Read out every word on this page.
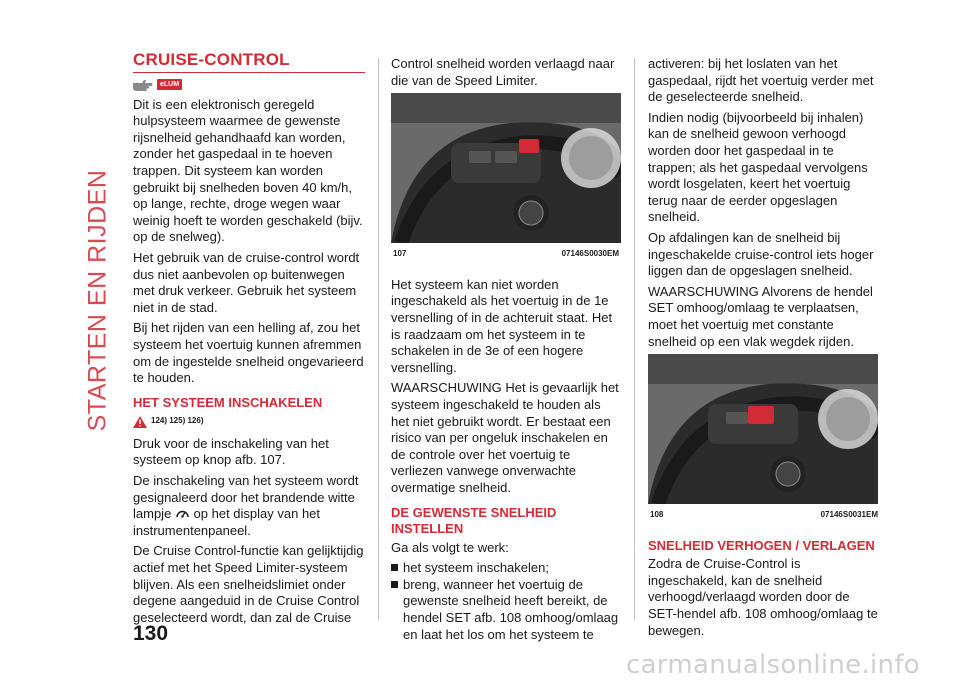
STARTEN EN RIJDEN
CRUISE-CONTROL
eLUM

Dit is een elektronisch geregeld hulpsysteem waarmee de gewenste rijsnelheid gehandhaafd kan worden, zonder het gaspedaal in te hoeven trappen. Dit systeem kan worden gebruikt bij snelheden boven 40 km/h, op lange, rechte, droge wegen waar weinig hoeft te worden geschakeld (bijv. op de snelweg).

Het gebruik van de cruise-control wordt dus niet aanbevolen op buitenwegen met druk verkeer. Gebruik het systeem niet in de stad.

Bij het rijden van een helling af, zou het systeem het voertuig kunnen afremmen om de ingestelde snelheid ongevarieerd te houden.

HET SYSTEEM INSCHAKELEN
124) 125) 126)

Druk voor de inschakeling van het systeem op knop afb. 107.

De inschakeling van het systeem wordt gesignaleerd door het brandende witte lampje op het display van het instrumentenpaneel.

De Cruise Control-functie kan gelijktijdig actief met het Speed Limiter-systeem blijven. Als een snelheidslimiet onder degene aangeduid in de Cruise Control geselecteerd wordt, dan zal de Cruise

Control snelheid worden verlaagd naar die van de Speed Limiter.

107	07146S0030EM

Het systeem kan niet worden ingeschakeld als het voertuig in de 1e versnelling of in de achteruit staat. Het is raadzaam om het systeem in te schakelen in de 3e of een hogere versnelling.

WAARSCHUWING Het is gevaarlijk het systeem ingeschakeld te houden als het niet gebruikt wordt. Er bestaat een risico van per ongeluk inschakelen en de controle over het voertuig te verliezen vanwege onverwachte overmatige snelheid.

DE GEWENSTE SNELHEID INSTELLEN

Ga als volgt te werk:

het systeem inschakelen;
breng, wanneer het voertuig de gewenste snelheid heeft bereikt, de hendel SET afb. 108 omhoog/omlaag en laat het los om het systeem te

activeren: bij het loslaten van het gaspedaal, rijdt het voertuig verder met de geselecteerde snelheid.

Indien nodig (bijvoorbeeld bij inhalen) kan de snelheid gewoon verhoogd worden door het gaspedaal in te trappen; als het gaspedaal vervolgens wordt losgelaten, keert het voertuig terug naar de eerder opgeslagen snelheid.

Op afdalingen kan de snelheid bij ingeschakelde cruise-control iets hoger liggen dan de opgeslagen snelheid.

WAARSCHUWING Alvorens de hendel SET omhoog/omlaag te verplaatsen, moet het voertuig met constante snelheid op een vlak wegdek rijden.

108	07146S0031EM
SNELHEID VERHOGEN / VERLAGEN

Zodra de Cruise-Control is ingeschakeld, kan de snelheid verhoogd/verlaagd worden door de SET-hendel afb. 108 omhoog/omlaag te bewegen.

130
carmanualsonline.info
